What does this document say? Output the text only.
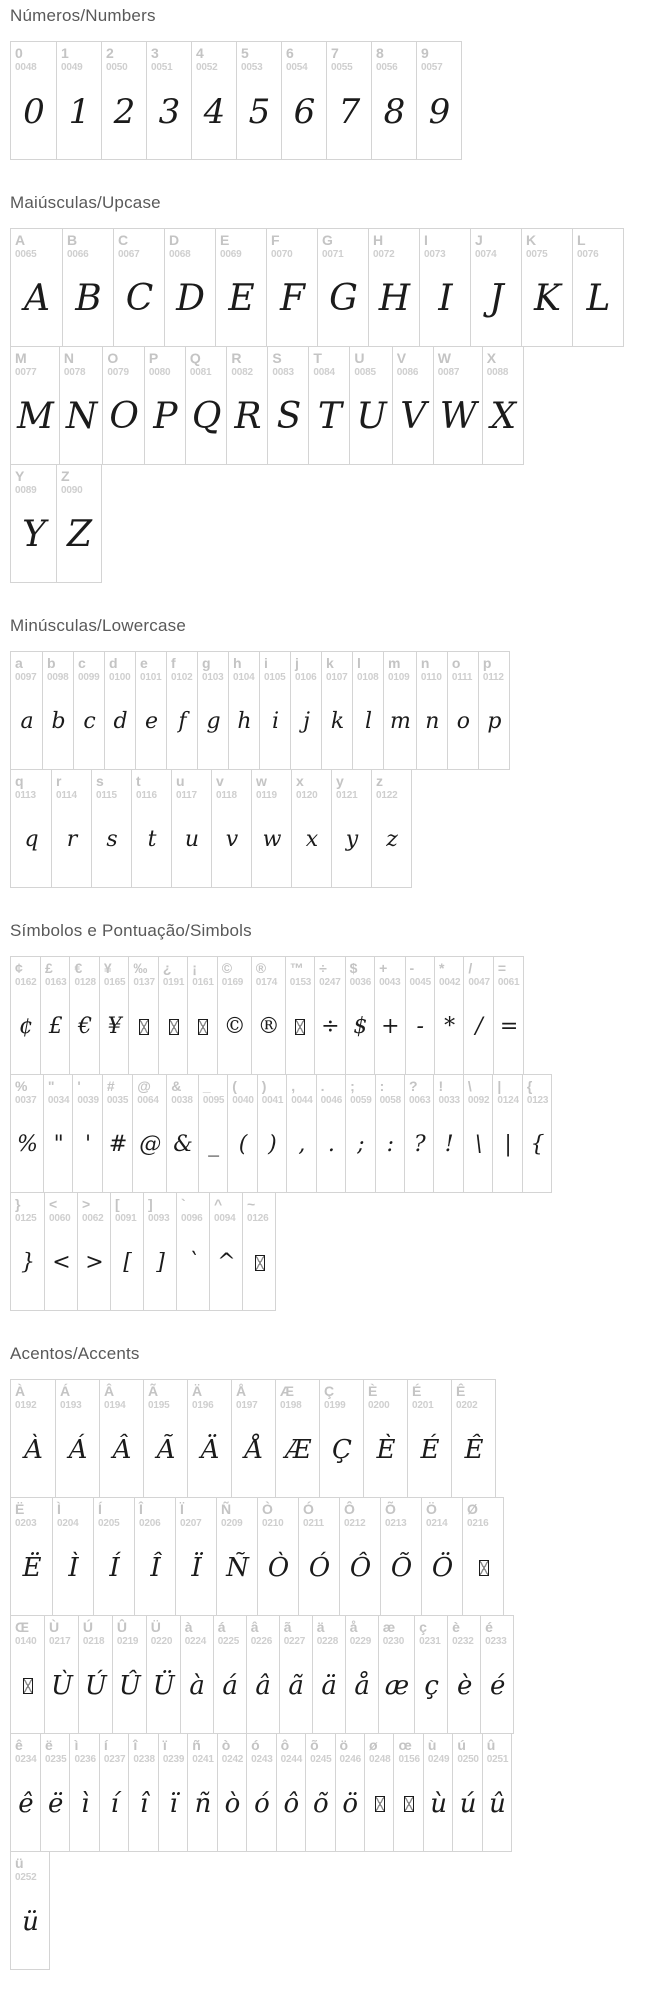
Números/Numbers
0
0048
0
1
0049
1
2
0050
2
3
0051
3
4
0052
4
5
0053
5
6
0054
6
7
0055
7
8
0056
8
9
0057
9
Maiúsculas/Upcase
A
0065
A
B
0066
B
C
0067
C
D
0068
D
E
0069
E
F
0070
F
G
0071
G
H
0072
H
I
0073
I
J
0074
J
K
0075
K
L
0076
L
M
0077
M
N
0078
N
O
0079
O
P
0080
P
Q
0081
Q
R
0082
R
S
0083
S
T
0084
T
U
0085
U
V
0086
V
W
0087
W
X
0088
X
Y
0089
Y
Z
0090
Z
Minúsculas/Lowercase
a
0097
a
b
0098
b
c
0099
c
d
0100
d
e
0101
e
f
0102
f
g
0103
g
h
0104
h
i
0105
i
j
0106
j
k
0107
k
l
0108
l
m
0109
m
n
0110
n
o
0111
o
p
0112
p
q
0113
q
r
0114
r
s
0115
s
t
0116
t
u
0117
u
v
0118
v
w
0119
w
x
0120
x
y
0121
y
z
0122
z
Símbolos e Pontuação/Simbols
¢
0162
¢
£
0163
£
€
0128
€
¥
0165
¥
‰
0137
¿
0191
¡
0161
©
0169
©
®
0174
®
™
0153
÷
0247
÷
$
0036
$
+
0043
+
-
0045
-
*
0042
*
/
0047
/
=
0061
=
%
0037
%
"
0034
"
'
0039
'
#
0035
#
@
0064
@
&
0038
&
_
0095
_
(
0040
(
)
0041
)
,
0044
,
.
0046
.
;
0059
;
:
0058
:
?
0063
?
!
0033
!
\
0092
\
|
0124
|
{
0123
{
}
0125
}
<
0060
<
>
0062
>
[
0091
[
]
0093
]
`
0096
`
^
0094
^
~
0126
Acentos/Accents
À
0192
À
Á
0193
Á
Â
0194
Â
Ã
0195
Ã
Ä
0196
Ä
Å
0197
Å
Æ
0198
Æ
Ç
0199
Ç
È
0200
È
É
0201
É
Ê
0202
Ê
Ë
0203
Ë
Ì
0204
Ì
Í
0205
Í
Î
0206
Î
Ï
0207
Ï
Ñ
0209
Ñ
Ò
0210
Ò
Ó
0211
Ó
Ô
0212
Ô
Õ
0213
Õ
Ö
0214
Ö
Ø
0216
Œ
0140
Ù
0217
Ù
Ú
0218
Ú
Û
0219
Û
Ü
0220
Ü
à
0224
à
á
0225
á
â
0226
â
ã
0227
ã
ä
0228
ä
å
0229
å
æ
0230
æ
ç
0231
ç
è
0232
è
é
0233
é
ê
0234
ê
ë
0235
ë
ì
0236
ì
í
0237
í
î
0238
î
ï
0239
ï
ñ
0241
ñ
ò
0242
ò
ó
0243
ó
ô
0244
ô
õ
0245
õ
ö
0246
ö
ø
0248
œ
0156
ù
0249
ù
ú
0250
ú
û
0251
û
ü
0252
ü
